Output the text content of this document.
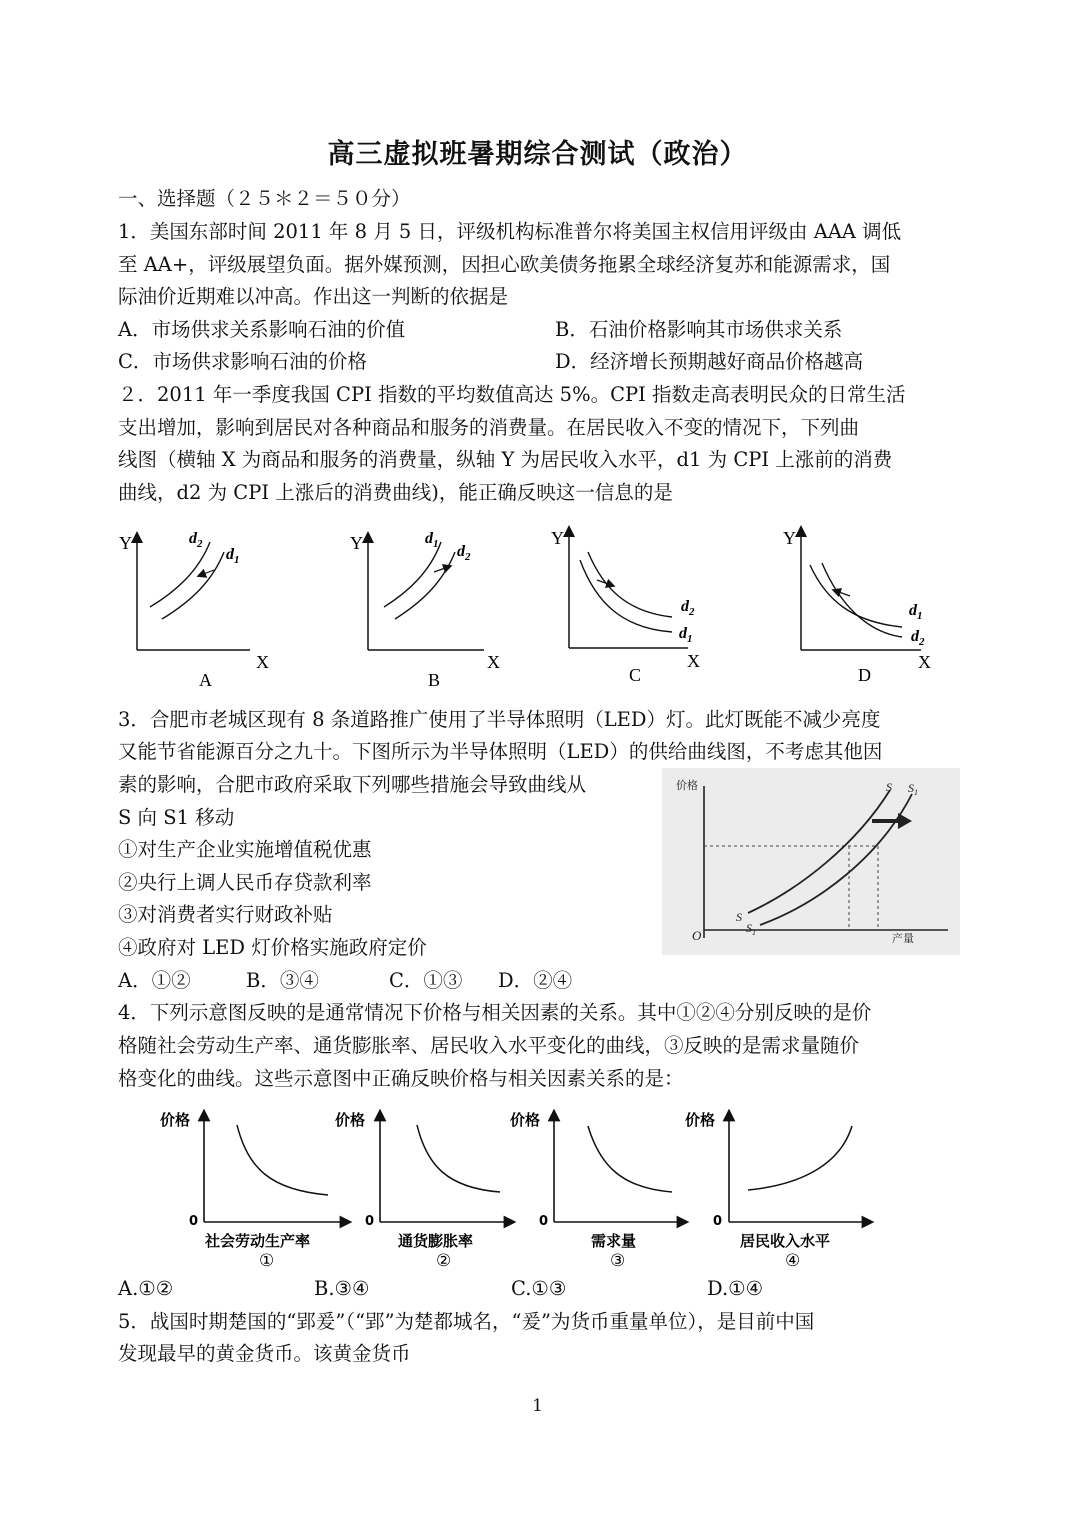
高三虚拟班暑期综合测试（政治）
一、选择题（２５＊２＝５０分）
1．美国东部时间 2011 年 8 月 5 日，评级机构标准普尔将美国主权信用评级由 AAA 调低
至 AA+，评级展望负面。据外媒预测，因担心欧美债务拖累全球经济复苏和能源需求，国
际油价近期难以冲高。作出这一判断的依据是
A．市场供求关系影响石油的价值	B．石油价格影响其市场供求关系
C．市场供求影响石油的价格	D．经济增长预期越好商品价格越高
２．2011 年一季度我国 CPI 指数的平均数值高达 5%。CPI 指数走高表明民众的日常生活
支出增加，影响到居民对各种商品和服务的消费量。在居民收入不变的情况下，下列曲
线图（横轴 X 为商品和服务的消费量，纵轴 Y 为居民收入水平，d1 为 CPI 上涨前的消费
曲线，d2 为 CPI 上涨后的消费曲线)，能正确反映这一信息的是
Y
X
$d_2$
$d_1$
A
Y
X
$d_1$ $d_2$
B
Y
X
$d_2$
$d_1$
C
Y
X
$d_1$
$d_2$
D
3．合肥市老城区现有 8 条道路推广使用了半导体照明（LED）灯。此灯既能不减少亮度
又能节省能源百分之九十。下图所示为半导体照明（LED）的供给曲线图，不考虑其他因
素的影响，合肥市政府采取下列哪些措施会导致曲线从
S 向 S1 移动
①对生产企业实施增值税优惠
②央行上调人民币存贷款利率
③对消费者实行财政补贴
④政府对 LED 灯价格实施政府定价
A．①②	B．③④	C．①③ D．②④
价格
产量
O
S $S_1$
S
$S_1$
4．下列示意图反映的是通常情况下价格与相关因素的关系。其中①②④分别反映的是价
格随社会劳动生产率、通货膨胀率、居民收入水平变化的曲线，③反映的是需求量随价
格变化的曲线。这些示意图中正确反映价格与相关因素关系的是：
价格
0
社会劳动生产率
①
价格
0
通货膨胀率
②
价格
0
需求量
③
价格
0
居民收入水平
④
A.①②	B.③④	C.①③	D.①④
5．战国时期楚国的“郢爰”（“郢”为楚都城名，“爰”为货币重量单位），是目前中国
发现最早的黄金货币。该黄金货币
1
